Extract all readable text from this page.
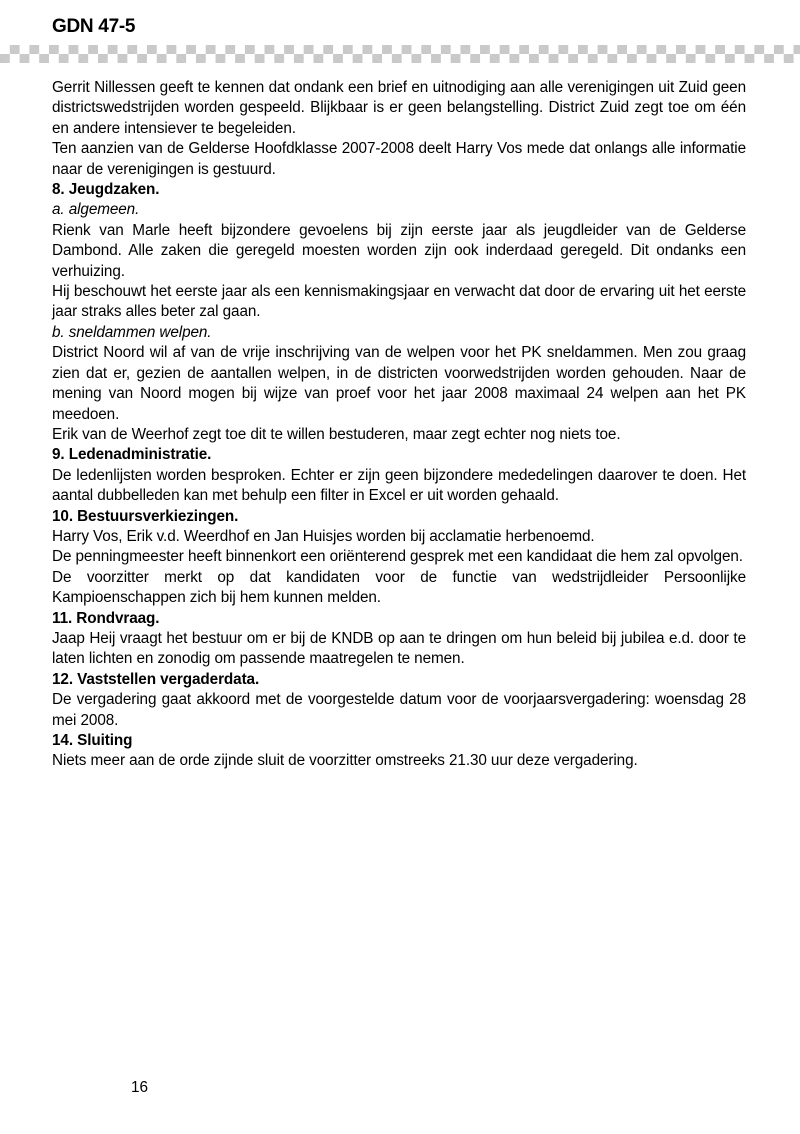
GDN 47-5

Gerrit Nillessen geeft te kennen dat ondank een brief en uitnodiging aan alle verenigingen uit Zuid geen districtswedstrijden worden gespeeld. Blijkbaar is er geen belangstelling. District Zuid zegt toe om één en andere intensiever te begeleiden.

Ten aanzien van de Gelderse Hoofdklasse 2007-2008 deelt Harry Vos mede dat onlangs alle informatie naar de verenigingen is gestuurd.

8. Jeugdzaken.
a. algemeen.

Rienk van Marle heeft bijzondere gevoelens bij zijn eerste jaar als jeugdleider van de Gelderse Dambond. Alle zaken die geregeld moesten worden zijn ook inderdaad geregeld. Dit ondanks een verhuizing.

Hij beschouwt het eerste jaar als een kennismakingsjaar en verwacht dat door de ervaring uit het eerste jaar straks alles beter zal gaan.

b. sneldammen welpen.

District Noord wil af van de vrije inschrijving van de welpen voor het PK sneldammen. Men zou graag zien dat er, gezien de aantallen welpen, in de districten voorwedstrijden worden gehouden. Naar de mening van Noord mogen bij wijze van proef voor het jaar 2008 maximaal 24 welpen aan het PK meedoen.

Erik van de Weerhof zegt toe dit te willen bestuderen, maar zegt echter nog niets toe.

9. Ledenadministratie.

De ledenlijsten worden besproken. Echter er zijn geen bijzondere mededelingen daarover te doen. Het aantal dubbelleden kan met behulp een filter in Excel er uit worden gehaald.

10. Bestuursverkiezingen.

Harry Vos, Erik v.d. Weerdhof en Jan Huisjes worden bij acclamatie herbenoemd.

De penningmeester heeft binnenkort een oriënterend gesprek met een kandidaat die hem zal opvolgen.

De voorzitter merkt op dat kandidaten voor de functie van wedstrijdleider Persoonlijke Kampioenschappen zich bij hem kunnen melden.

11. Rondvraag.

Jaap Heij vraagt het bestuur om er bij de KNDB op aan te dringen om hun beleid bij jubilea e.d. door te laten lichten en zonodig om passende maatregelen te nemen.

12. Vaststellen vergaderdata.

De vergadering gaat akkoord met de voorgestelde datum voor de voorjaarsvergadering: woensdag 28 mei 2008.

14. Sluiting

Niets meer aan de orde zijnde sluit de voorzitter omstreeks 21.30 uur deze vergadering.

16
